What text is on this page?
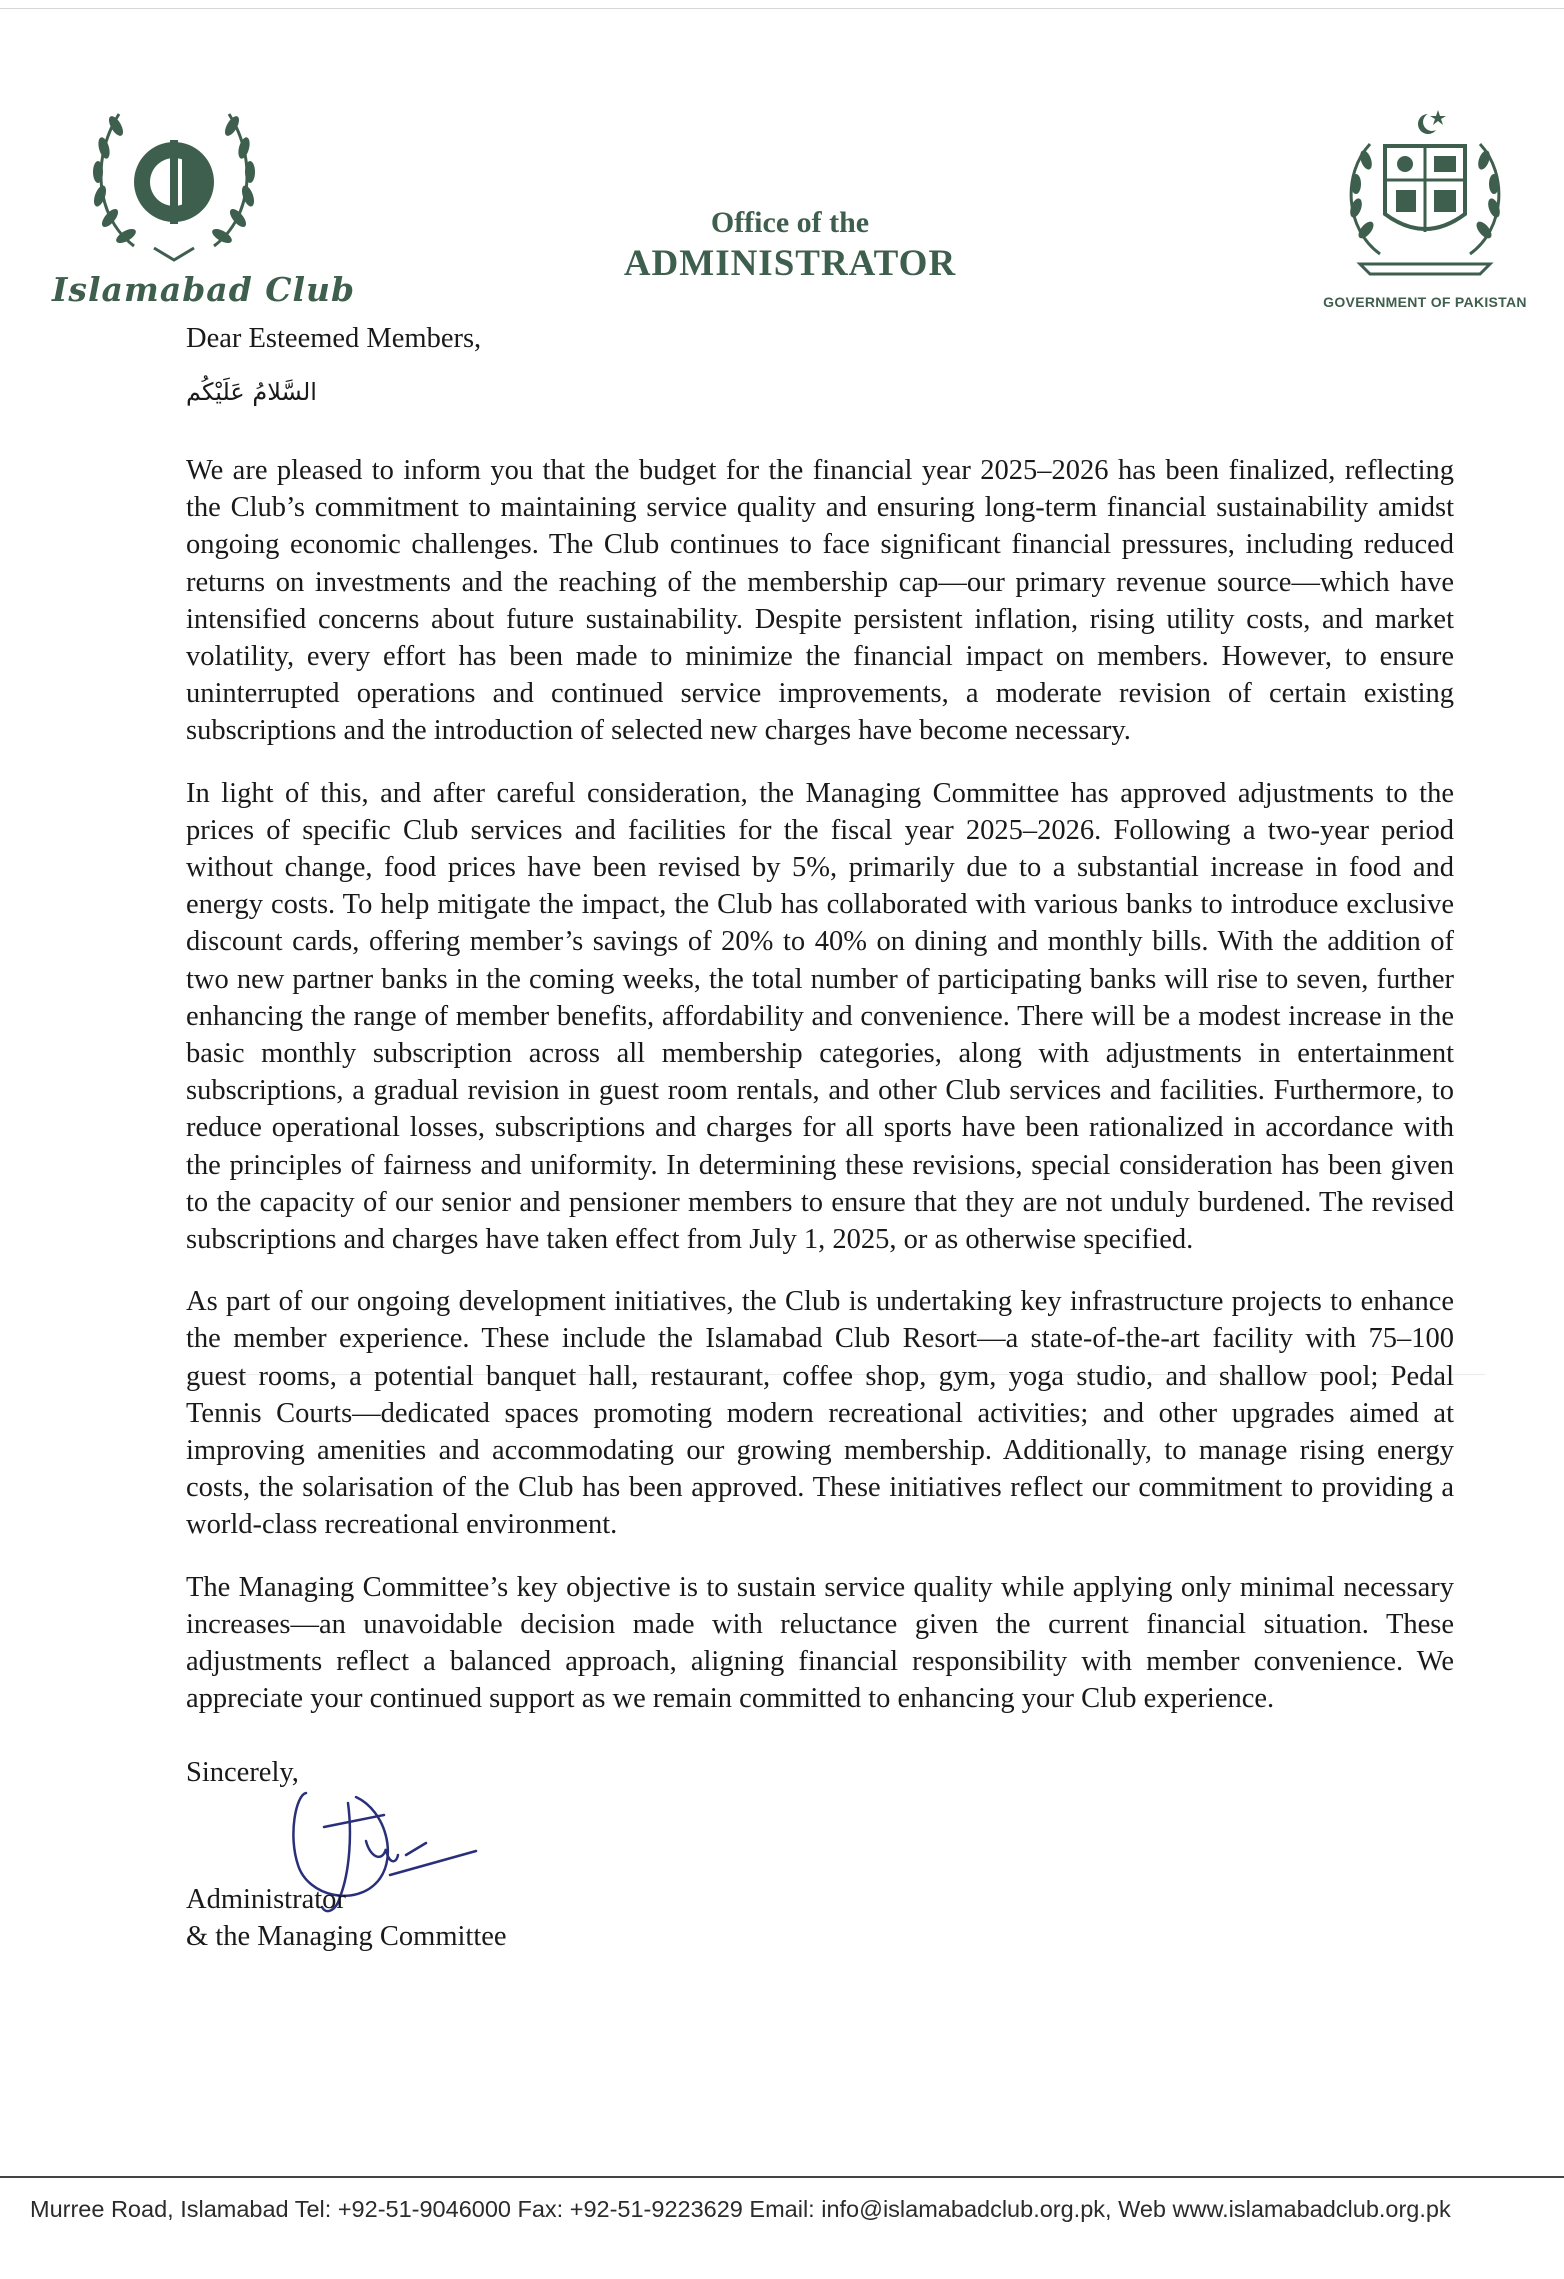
Islamabad Club
Office of the
ADMINISTRATOR
GOVERNMENT OF PAKISTAN

Dear Esteemed Members,

السَّلامُ عَلَيْكُم

We are pleased to inform you that the budget for the financial year 2025–2026 has been finalized, reflecting the Club’s commitment to maintaining service quality and ensuring long-term financial sustainability amidst ongoing economic challenges. The Club continues to face significant financial pressures, including reduced returns on investments and the reaching of the membership cap—our primary revenue source—which have intensified concerns about future sustainability. Despite persistent inflation, rising utility costs, and market volatility, every effort has been made to minimize the financial impact on members. However, to ensure uninterrupted operations and continued service improvements, a moderate revision of certain existing subscriptions and the introduction of selected new charges have become necessary.

In light of this, and after careful consideration, the Managing Committee has approved adjustments to the prices of specific Club services and facilities for the fiscal year 2025–2026. Following a two-year period without change, food prices have been revised by 5%, primarily due to a substantial increase in food and energy costs. To help mitigate the impact, the Club has collaborated with various banks to introduce exclusive discount cards, offering member’s savings of 20% to 40% on dining and monthly bills. With the addition of two new partner banks in the coming weeks, the total number of participating banks will rise to seven, further enhancing the range of member benefits, affordability and convenience. There will be a modest increase in the basic monthly subscription across all membership categories, along with adjustments in entertainment subscriptions, a gradual revision in guest room rentals, and other Club services and facilities. Furthermore, to reduce operational losses, subscriptions and charges for all sports have been rationalized in accordance with the principles of fairness and uniformity. In determining these revisions, special consideration has been given to the capacity of our senior and pensioner members to ensure that they are not unduly burdened. The revised subscriptions and charges have taken effect from July 1, 2025, or as otherwise specified.

As part of our ongoing development initiatives, the Club is undertaking key infrastructure projects to enhance the member experience. These include the Islamabad Club Resort—a state-of-the-art facility with 75–100 guest rooms, a potential banquet hall, restaurant, coffee shop, gym, yoga studio, and shallow pool; Pedal Tennis Courts—dedicated spaces promoting modern recreational activities; and other upgrades aimed at improving amenities and accommodating our growing membership. Additionally, to manage rising energy costs, the solarisation of the Club has been approved. These initiatives reflect our commitment to providing a world-class recreational environment.

The Managing Committee’s key objective is to sustain service quality while applying only minimal necessary increases—an unavoidable decision made with reluctance given the current financial situation. These adjustments reflect a balanced approach, aligning financial responsibility with member convenience. We appreciate your continued support as we remain committed to enhancing your Club experience.

Sincerely,

Administrator
& the Managing Committee
Murree Road, Islamabad Tel: +92-51-9046000 Fax: +92-51-9223629 Email: info@islamabadclub.org.pk, Web www.islamabadclub.org.pk
